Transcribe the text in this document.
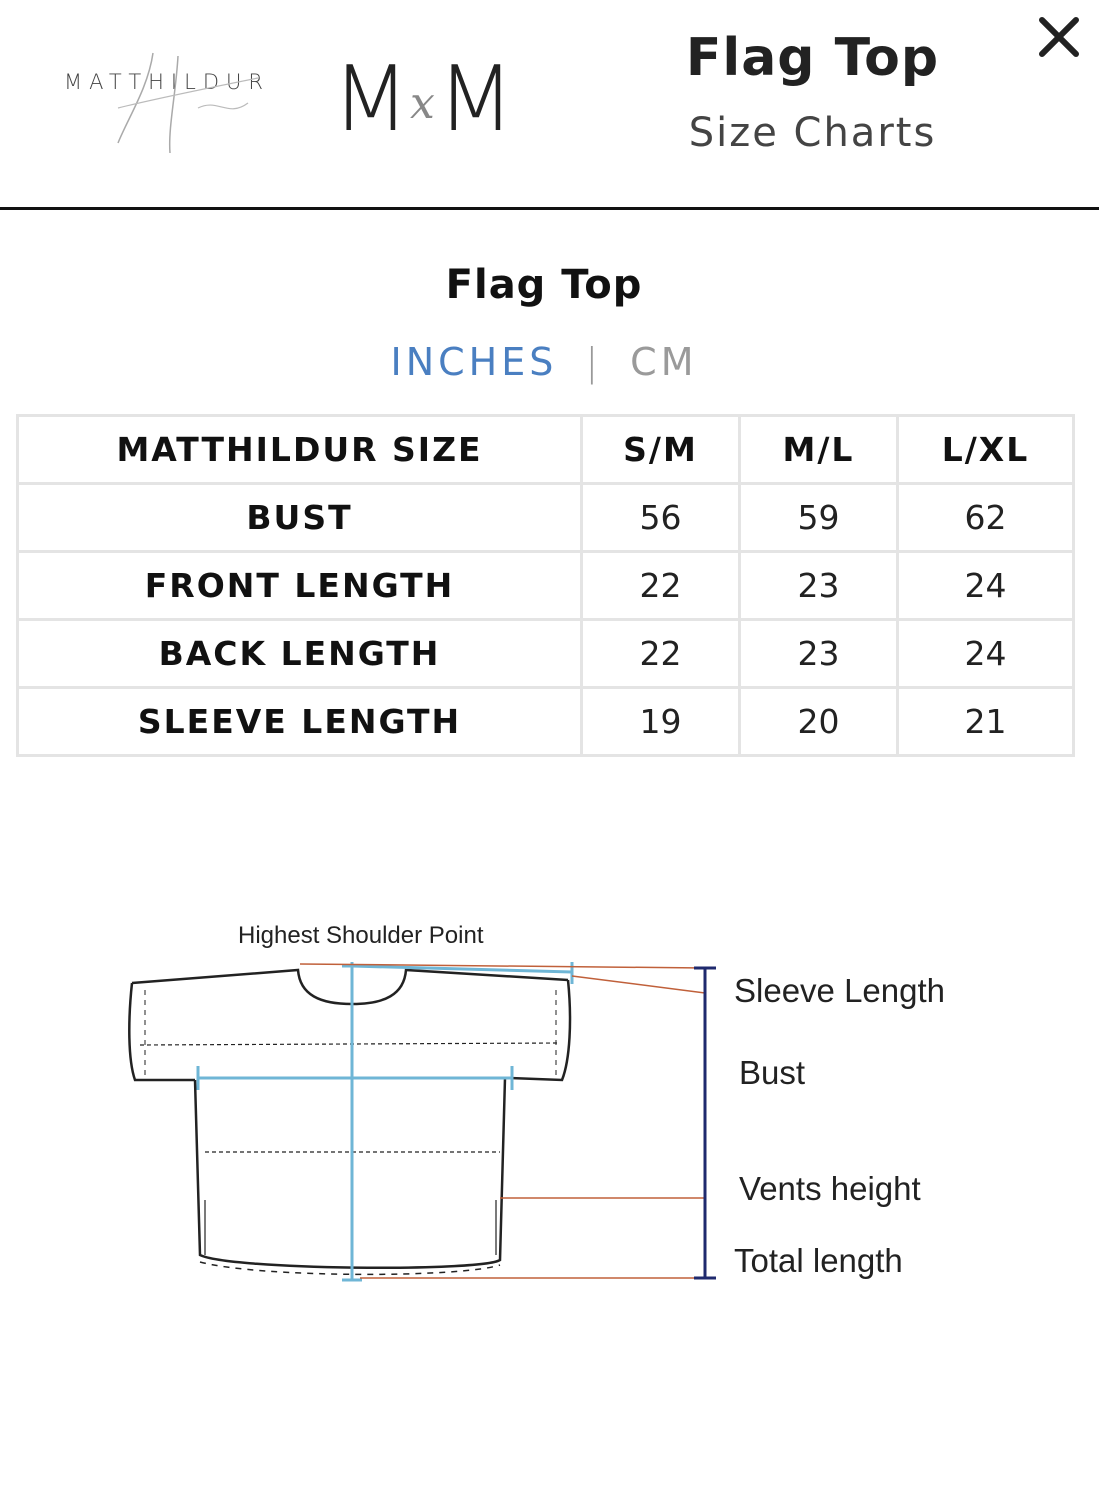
MATTHILDUR M x M	Flag Top
Size Charts
Flag Top
INCHES | CM
MATTHILDUR SIZE	S/M	M/L	L/XL
BUST	56	59	62
FRONT LENGTH	22	23	24
BACK LENGTH	22	23	24
SLEEVE LENGTH	19	20	21
Highest Shoulder Point
Sleeve Length
Bust
Vents height
Total length
